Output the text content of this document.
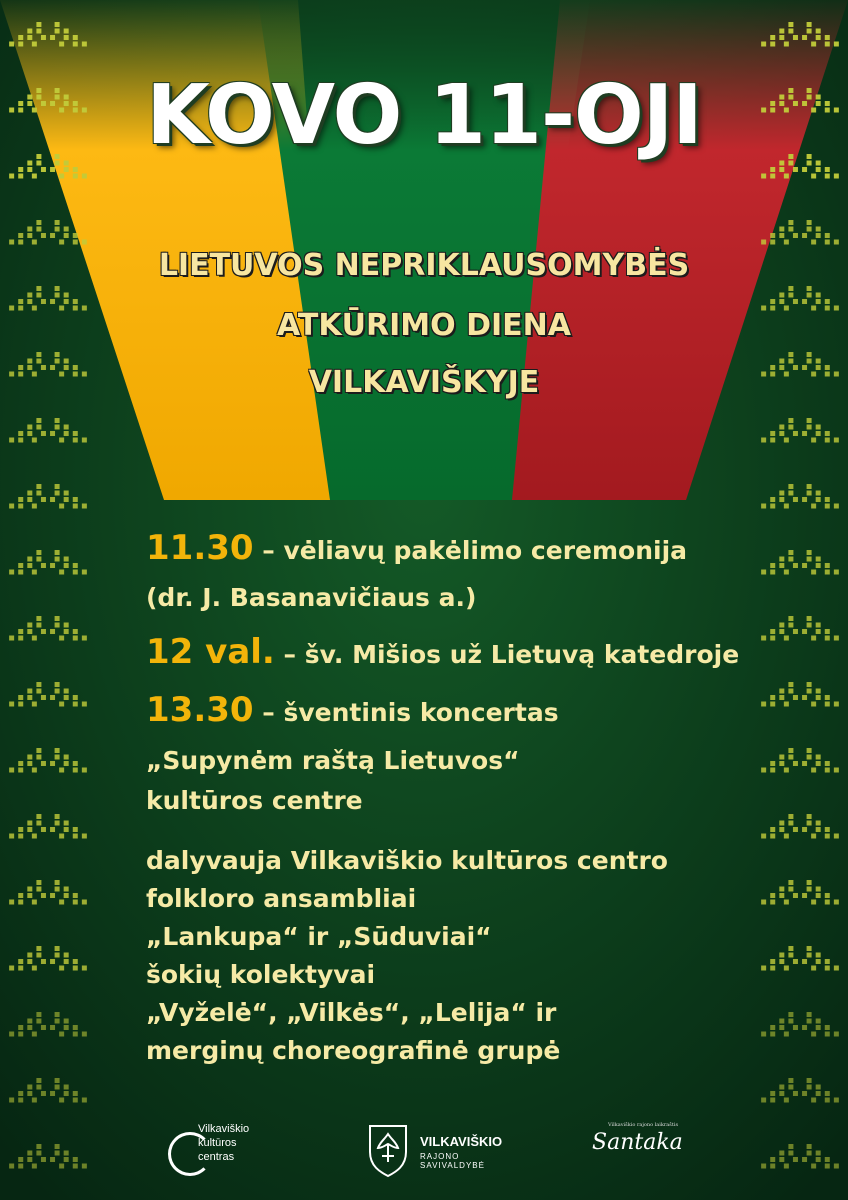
KOVO 11-OJI
LIETUVOS NEPRIKLAUSOMYBĖS
ATKŪRIMO DIENA
VILKAVIŠKYJE
11.30 – vėliavų pakėlimo ceremonija
(dr. J. Basanavičiaus a.)
12 val. – šv. Mišios už Lietuvą katedroje
13.30 – šventinis koncertas
„Supynėm raštą Lietuvos“
kultūros centre
dalyvauja Vilkaviškio kultūros centro
folkloro ansambliai
„Lankupa“ ir „Sūduviai“
šokių kolektyvai
„Vyželė“, „Vilkės“, „Lelija“ ir
merginų choreografinė grupė
Vilkaviškio
kultūros
centras
VILKAVIŠKIO
RAJONO SAVIVALDYBĖ
Vilkaviškio rajono laikraštis
Santaka
